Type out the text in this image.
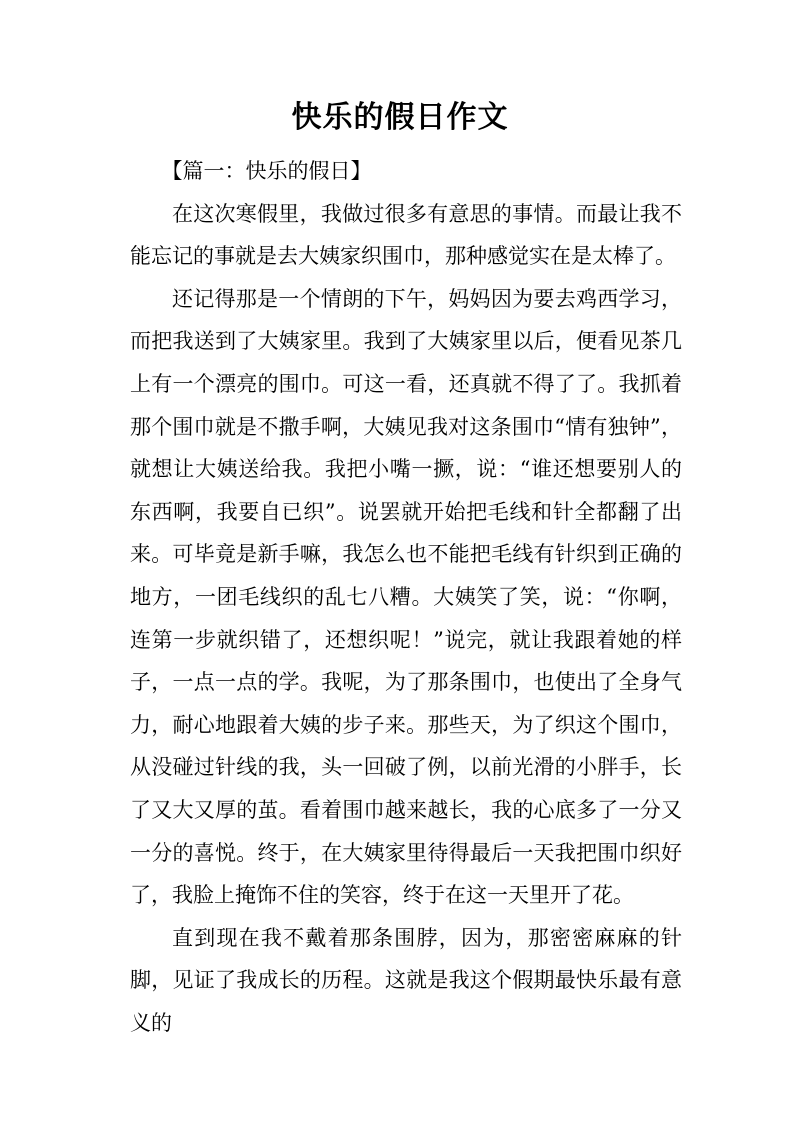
快乐的假日作文

【篇一：快乐的假日】

在这次寒假里，我做过很多有意思的事情。而最让我不能忘记的事就是去大姨家织围巾，那种感觉实在是太棒了。

还记得那是一个情朗的下午，妈妈因为要去鸡西学习，而把我送到了大姨家里。我到了大姨家里以后，便看见茶几上有一个漂亮的围巾。可这一看，还真就不得了了。我抓着那个围巾就是不撒手啊，大姨见我对这条围巾“情有独钟”，就想让大姨送给我。我把小嘴一撅，说：“谁还想要别人的东西啊，我要自已织”。说罢就开始把毛线和针全都翻了出来。可毕竟是新手嘛，我怎么也不能把毛线有针织到正确的地方，一团毛线织的乱七八糟。大姨笑了笑，说：“你啊，连第一步就织错了，还想织呢！”说完，就让我跟着她的样子，一点一点的学。我呢，为了那条围巾，也使出了全身气力，耐心地跟着大姨的步子来。那些天，为了织这个围巾，从没碰过针线的我，头一回破了例，以前光滑的小胖手，长了又大又厚的茧。看着围巾越来越长，我的心底多了一分又一分的喜悦。终于，在大姨家里待得最后一天我把围巾织好了，我脸上掩饰不住的笑容，终于在这一天里开了花。

直到现在我不戴着那条围脖，因为，那密密麻麻的针脚，见证了我成长的历程。这就是我这个假期最快乐最有意义的
